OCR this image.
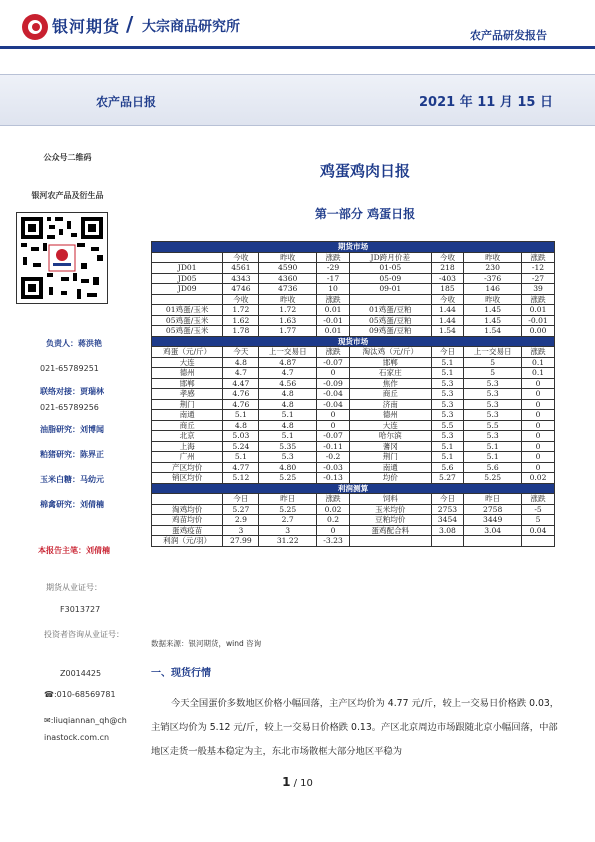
银河期货 / 大宗商品研究所
农产品研发报告
农产品日报	2021 年 11 月 15 日
公众号二维码
银河农产品及衍生品
负责人：蒋洪艳
021-65789251
联络对接：贾瑞林
021-65789256
油脂研究：刘博闻
粕猪研究：陈界正
玉米白糖：马幼元
棉禽研究：刘倩楠
本报告主笔：刘倩楠
期货从业证号：
F3013727
投资者咨询从业证号：
Z0014425
☎:010-68569781
✉:liuqiannan_qh@chinastock.com.cn
鸡蛋鸡肉日报
第一部分 鸡蛋日报
期货市场							
	今收	昨收	涨跌	JD跨月价差	今收	昨收	涨跌
JD01	4561	4590	-29	01-05	218	230	-12
JD05	4343	4360	-17	05-09	-403	-376	-27
JD09	4746	4736	10	09-01	185	146	39
	今收	昨收	涨跌		今收	昨收	涨跌
01鸡蛋/玉米	1.72	1.72	0.01	01鸡蛋/豆粕	1.44	1.45	0.01
05鸡蛋/玉米	1.62	1.63	-0.01	05鸡蛋/豆粕	1.44	1.45	-0.01
05鸡蛋/玉米	1.78	1.77	0.01	09鸡蛋/豆粕	1.54	1.54	0.00
现货市场							
鸡蛋（元/斤）	今天	上一交易日	涨跌	淘汰鸡（元/斤）	今日	上一交易日	涨跌
大连	4.8	4.87	-0.07	邯郸	5.1	5	0.1
德州	4.7	4.7	0	石家庄	5.1	5	0.1
邯郸	4.47	4.56	-0.09	焦作	5.3	5.3	0
孝感	4.76	4.8	-0.04	商丘	5.3	5.3	0
荆门	4.76	4.8	-0.04	济南	5.3	5.3	0
南通	5.1	5.1	0	德州	5.3	5.3	0
商丘	4.8	4.8	0	大连	5.5	5.5	0
北京	5.03	5.1	-0.07	哈尔滨	5.3	5.3	0
上海	5.24	5.35	-0.11	蓍冈	5.1	5.1	0
广州	5.1	5.3	-0.2	荆门	5.1	5.1	0
产区均价	4.77	4.80	-0.03	南通	5.6	5.6	0
销区均价	5.12	5.25	-0.13	均价	5.27	5.25	0.02
利润测算							
	今日	昨日	涨跌	饲料	今日	昨日	涨跌
淘鸡均价	5.27	5.25	0.02	玉米均价	2753	2758	-5
鸡苗均价	2.9	2.7	0.2	豆粕均价	3454	3449	5
蛋鸡疫苗	3	3	0	蛋鸡配合料	3.08	3.04	0.04
利润（元/羽）	27.99	31.22	-3.23				
数据来源：银河期货，wind 咨询
一、现货行情
今天全国蛋价多数地区价格小幅回落，主产区均价为 4.77 元/斤，较上一交易日价格跌 0.03，主销区均价为 5.12 元/斤，较上一交易日价格跌 0.13。产区北京周边市场跟随北京小幅回落，中部地区走货一般基本稳定为主，东北市场散框大部分地区平稳为
1 / 10
